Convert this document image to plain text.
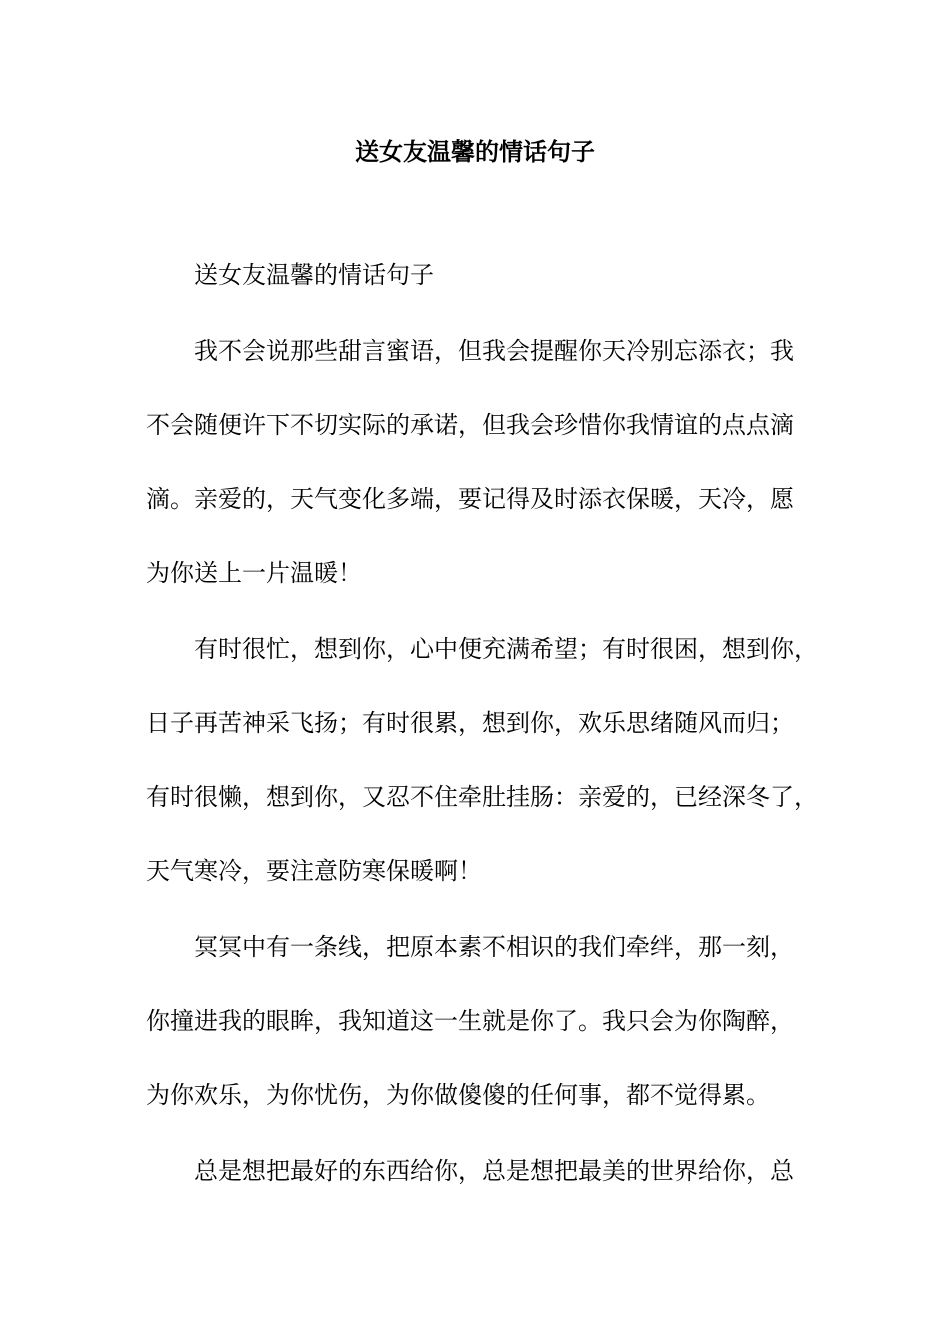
送女友温馨的情话句子
送女友温馨的情话句子
我不会说那些甜言蜜语，但我会提醒你天冷别忘添衣；我
不会随便许下不切实际的承诺，但我会珍惜你我情谊的点点滴
滴。亲爱的，天气变化多端，要记得及时添衣保暖，天冷，愿
为你送上一片温暖！
有时很忙，想到你，心中便充满希望；有时很困，想到你，
日子再苦神采飞扬；有时很累，想到你，欢乐思绪随风而归；
有时很懒，想到你，又忍不住牵肚挂肠：亲爱的，已经深冬了，
天气寒冷，要注意防寒保暖啊！
冥冥中有一条线，把原本素不相识的我们牵绊，那一刻，
你撞进我的眼眸，我知道这一生就是你了。我只会为你陶醉，
为你欢乐，为你忧伤，为你做傻傻的任何事，都不觉得累。
总是想把最好的东西给你，总是想把最美的世界给你，总
